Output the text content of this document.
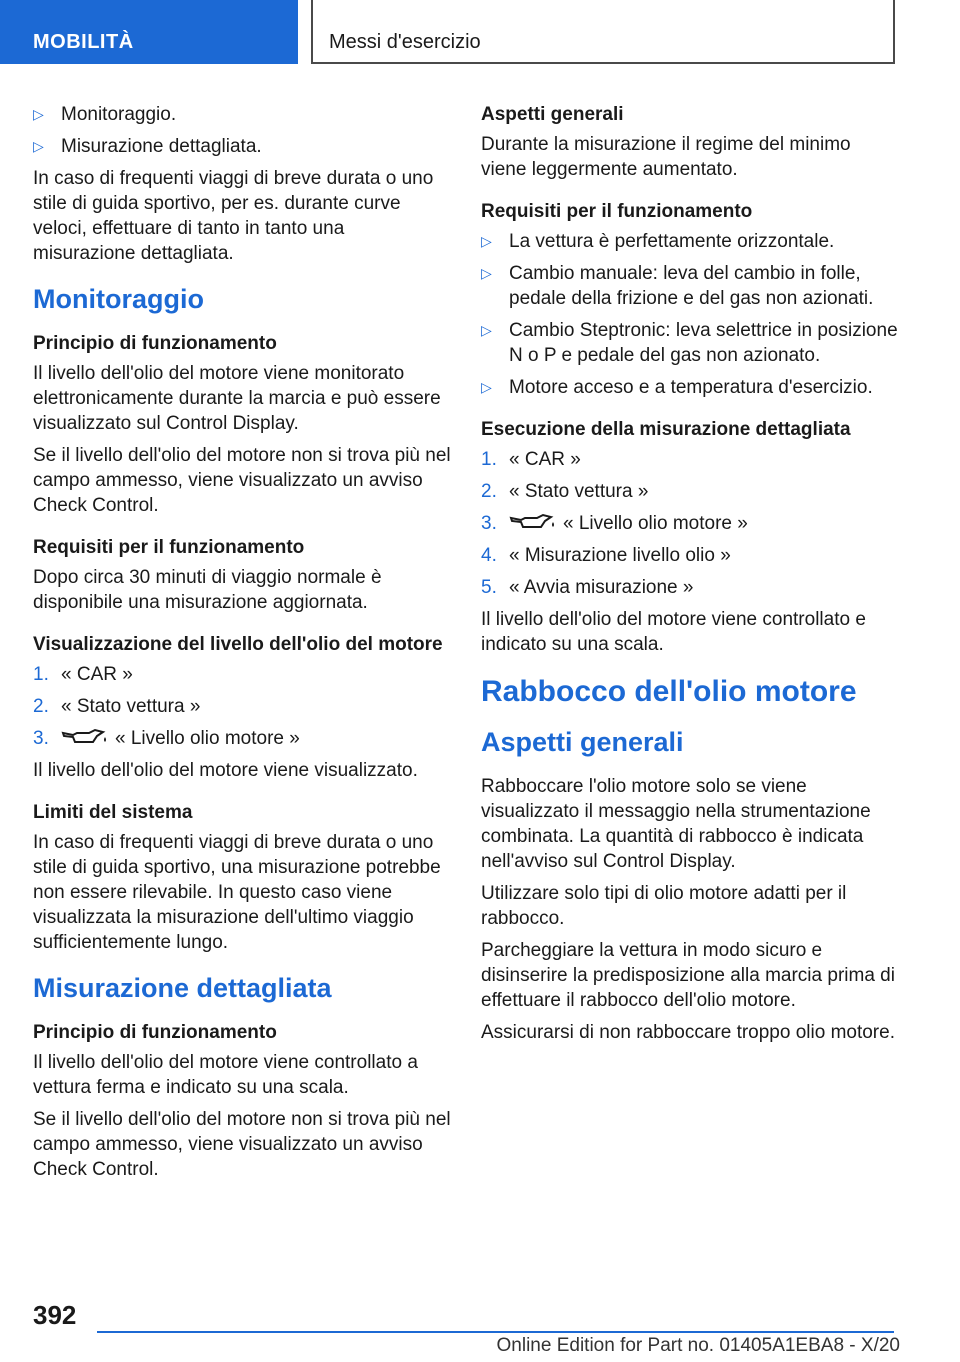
MOBILITÀ	Messi d'esercizio
▷ Monitoraggio.
▷ Misurazione dettagliata.

In caso di frequenti viaggi di breve durata o uno stile di guida sportivo, per es. durante curve veloci, effettuare di tanto in tanto una misurazione dettagliata.

Monitoraggio
Principio di funzionamento

Il livello dell'olio del motore viene monitorato elettronicamente durante la marcia e può essere visualizzato sul Control Display.

Se il livello dell'olio del motore non si trova più nel campo ammesso, viene visualizzato un avviso Check Control.

Requisiti per il funzionamento

Dopo circa 30 minuti di viaggio normale è disponibile una misurazione aggiornata.

Visualizzazione del livello dell'olio del motore
1. « CAR »
2. « Stato vettura »
3.	« Livello olio motore »

Il livello dell'olio del motore viene visualizzato.

Limiti del sistema

In caso di frequenti viaggi di breve durata o uno stile di guida sportivo, una misurazione potrebbe non essere rilevabile. In questo caso viene visualizzata la misurazione dell'ultimo viaggio sufficientemente lungo.

Misurazione dettagliata
Principio di funzionamento

Il livello dell'olio del motore viene controllato a vettura ferma e indicato su una scala.

Se il livello dell'olio del motore non si trova più nel campo ammesso, viene visualizzato un avviso Check Control.

Aspetti generali

Durante la misurazione il regime del minimo viene leggermente aumentato.

Requisiti per il funzionamento
▷ La vettura è perfettamente orizzontale.
▷ Cambio manuale: leva del cambio in folle, pedale della frizione e del gas non azionati.
▷ Cambio Steptronic: leva selettrice in posizione N o P e pedale del gas non azionato.
▷ Motore acceso e a temperatura d'esercizio.
Esecuzione della misurazione dettagliata
1. « CAR »
2. « Stato vettura »
3.	« Livello olio motore »
4. « Misurazione livello olio »
5. « Avvia misurazione »

Il livello dell'olio del motore viene controllato e indicato su una scala.

Rabbocco dell'olio motore
Aspetti generali

Rabboccare l'olio motore solo se viene visualizzato il messaggio nella strumentazione combinata. La quantità di rabbocco è indicata nell'avviso sul Control Display.

Utilizzare solo tipi di olio motore adatti per il rabbocco.

Parcheggiare la vettura in modo sicuro e disinserire la predisposizione alla marcia prima di effettuare il rabbocco dell'olio motore.

Assicurarsi di non rabboccare troppo olio motore.

392
Online Edition for Part no. 01405A1EBA8 - X/20
